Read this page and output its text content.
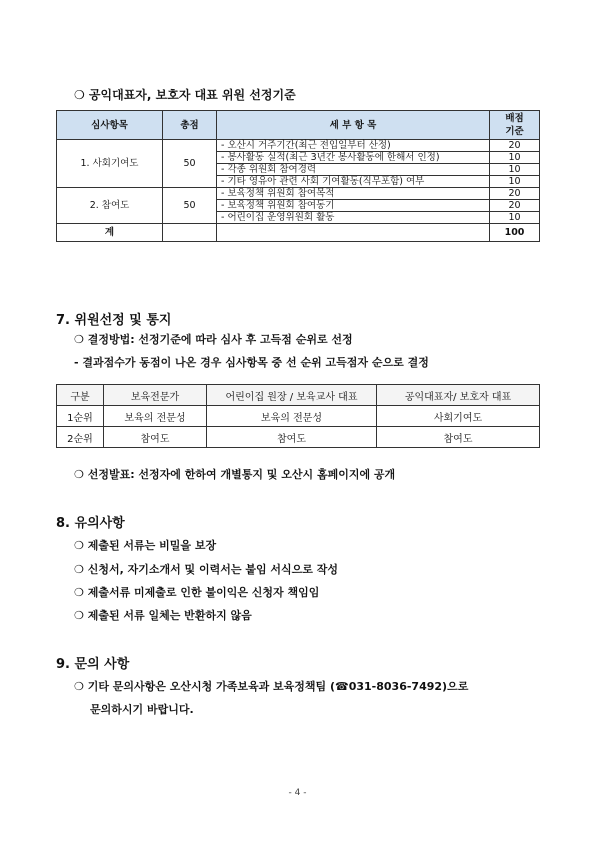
❍ 공익대표자, 보호자 대표 위원 선정기준
심사항목	총점	세 부 항 목	배점
기준
1. 사회기여도	50	- 오산시 거주기간(최근 전입일부터 산정)	20
		- 봉사활동 실적(최근 3년간 봉사활동에 한해서 인정)	10
		- 각종 위원회 참여경력	10
		- 기타 영유아 관련 사회 기여활동(직무포함) 여부	10
2. 참여도	50	- 보육정책 위원회 참여목적	20
		- 보육정책 위원회 참여동기	20
		- 어린이집 운영위원회 활동	10
계			100
7. 위원선정 및 통지
❍ 결정방법: 선정기준에 따라 심사 후 고득점 순위로 선정
- 결과점수가 동점이 나온 경우 심사항목 중 선 순위 고득점자 순으로 결정
구분	보육전문가	어린이집 원장 / 보육교사 대표	공익대표자/ 보호자 대표
1순위	보육의 전문성	보육의 전문성	사회기여도
2순위	참여도	참여도	참여도
❍ 선정발표: 선정자에 한하여 개별통지 및 오산시 홈페이지에 공개
8. 유의사항
❍ 제출된 서류는 비밀을 보장
❍ 신청서, 자기소개서 및 이력서는 붙임 서식으로 작성
❍ 제출서류 미제출로 인한 불이익은 신청자 책임임
❍ 제출된 서류 일체는 반환하지 않음
9. 문의 사항
❍ 기타 문의사항은 오산시청 가족보육과 보육정책팀 (☎031-8036-7492)으로
문의하시기 바랍니다.
- 4 -
